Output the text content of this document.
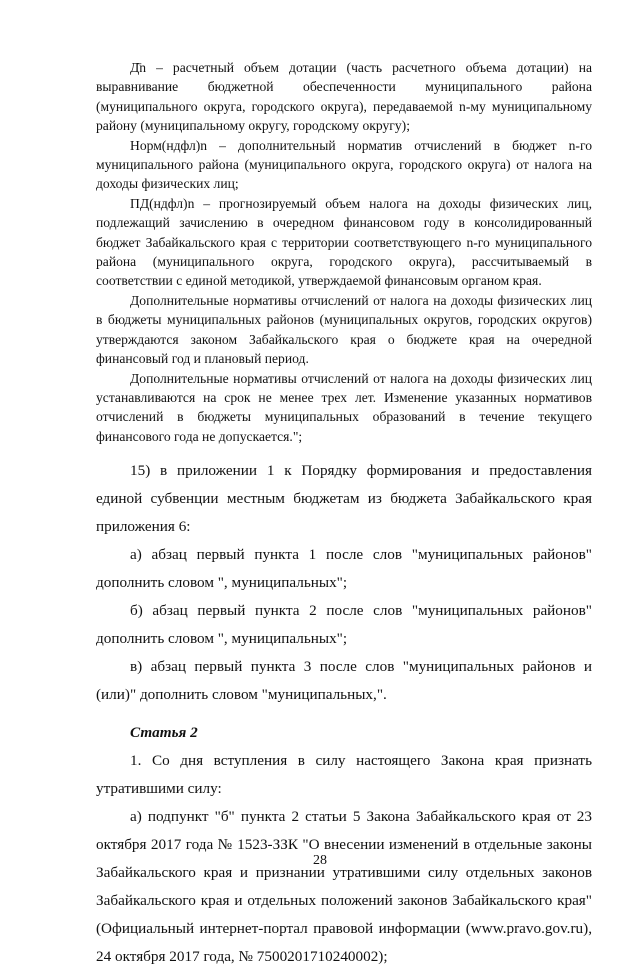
Д̄n – расчетный объем дотации (часть расчетного объема дотации) на выравнивание бюджетной обеспеченности муниципального района (муниципального округа, городского округа), передаваемой n-му муниципальному району (муниципальному округу, городскому округу);

Норм(ндфл)n – дополнительный норматив отчислений в бюджет n-го муниципального района (муниципального округа, городского округа) от налога на доходы физических лиц;

ПД(ндфл)n – прогнозируемый объем налога на доходы физических лиц, подлежащий зачислению в очередном финансовом году в консолидированный бюджет Забайкальского края с территории соответствующего n-го муниципального района (муниципального округа, городского округа), рассчитываемый в соответствии с единой методикой, утверждаемой финансовым органом края.

Дополнительные нормативы отчислений от налога на доходы физических лиц в бюджеты муниципальных районов (муниципальных округов, городских округов) утверждаются законом Забайкальского края о бюджете края на очередной финансовый год и плановый период.

Дополнительные нормативы отчислений от налога на доходы физических лиц устанавливаются на срок не менее трех лет. Изменение указанных нормативов отчислений в бюджеты муниципальных образований в течение текущего финансового года не допускается.";

15) в приложении 1 к Порядку формирования и предоставления единой субвенции местным бюджетам из бюджета Забайкальского края приложения 6:

а) абзац первый пункта 1 после слов "муниципальных районов" дополнить словом ", муниципальных";

б) абзац первый пункта 2 после слов "муниципальных районов" дополнить словом ", муниципальных";

в) абзац первый пункта 3 после слов "муниципальных районов и (или)" дополнить словом "муниципальных,".

Статья 2

1. Со дня вступления в силу настоящего Закона края признать утратившими силу:

а) подпункт "б" пункта 2 статьи 5 Закона Забайкальского края от 23 октября 2017 года № 1523-ЗЗК "О внесении изменений в отдельные законы Забайкальского края и признании утратившими силу отдельных законов Забайкальского края и отдельных положений законов Забайкальского края" (Официальный интернет-портал правовой информации (www.pravo.gov.ru), 24 октября 2017 года, № 7500201710240002);

28
